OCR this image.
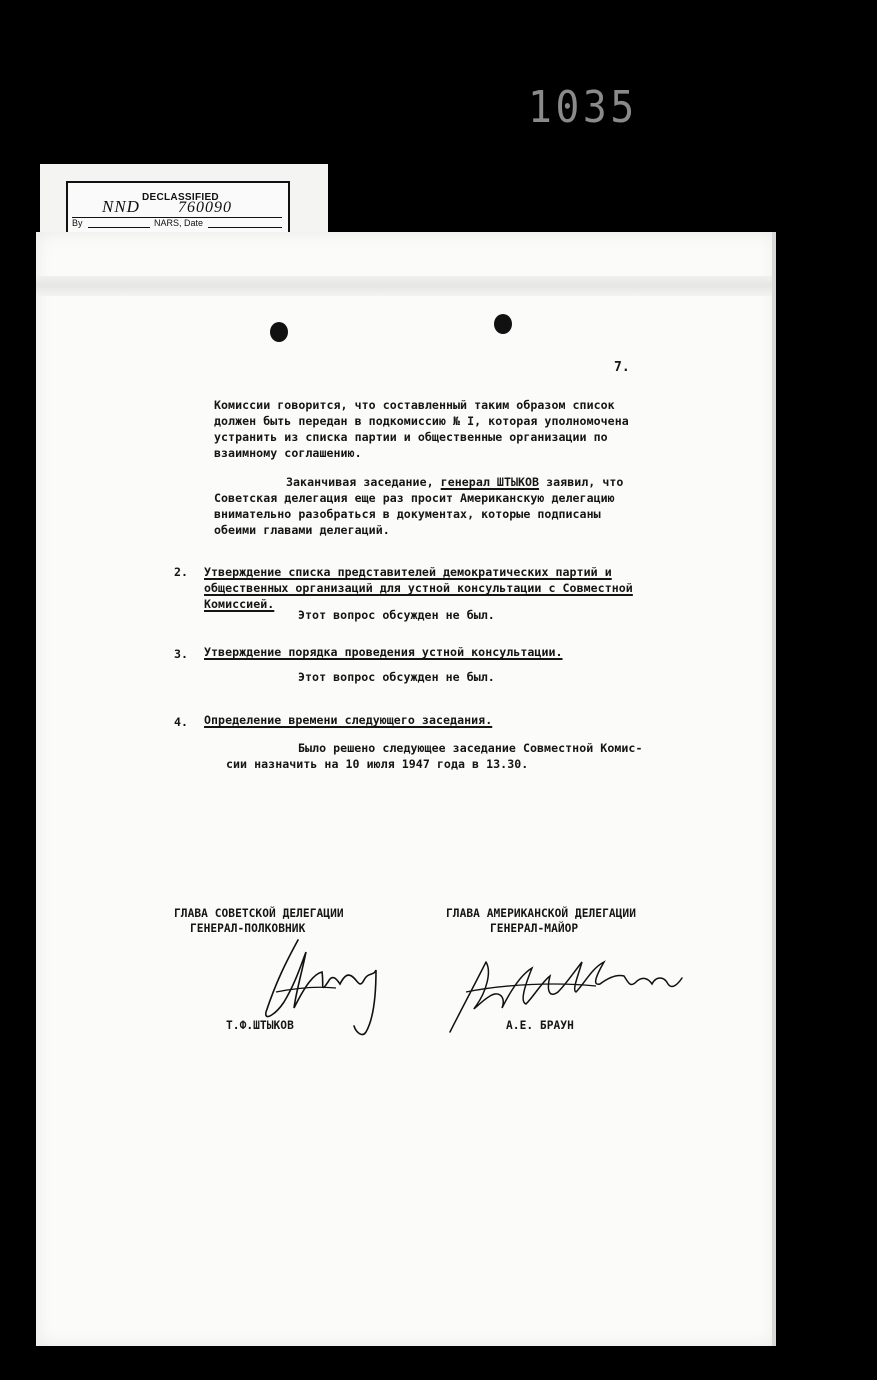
1035
DECLASSIFIED
NND 760090
By	NARS, Date
7.
Комиссии говорится, что составленный таким образом список
должен быть передан в подкомиссию № I, которая уполномочена
устранить из списка партии и общественные организации по
взаимному соглашению.
Заканчивая заседание, генерал ШТЫКОВ заявил, что
Советская делегация еще раз просит Американскую делегацию
внимательно разобраться в документах, которые подписаны
обеими главами делегаций.
2. Утверждение списка представителей демократических партий и
общественных организаций для устной консультации с Совместной
Комиссией.
Этот вопрос обсужден не был.
3. Утверждение порядка проведения устной консультации.
Этот вопрос обсужден не был.
4. Определение времени следующего заседания.
Было решено следующее заседание Совместной Комис-
сии назначить на 10 июля 1947 года в 13.30.
ГЛАВА СОВЕТСКОЙ ДЕЛЕГАЦИИ
ГЕНЕРАЛ-ПОЛКОВНИК
ГЛАВА АМЕРИКАНСКОЙ ДЕЛЕГАЦИИ
ГЕНЕРАЛ-МАЙОР
Т.Ф.ШТЫКОВ	А.Е. БРАУН
